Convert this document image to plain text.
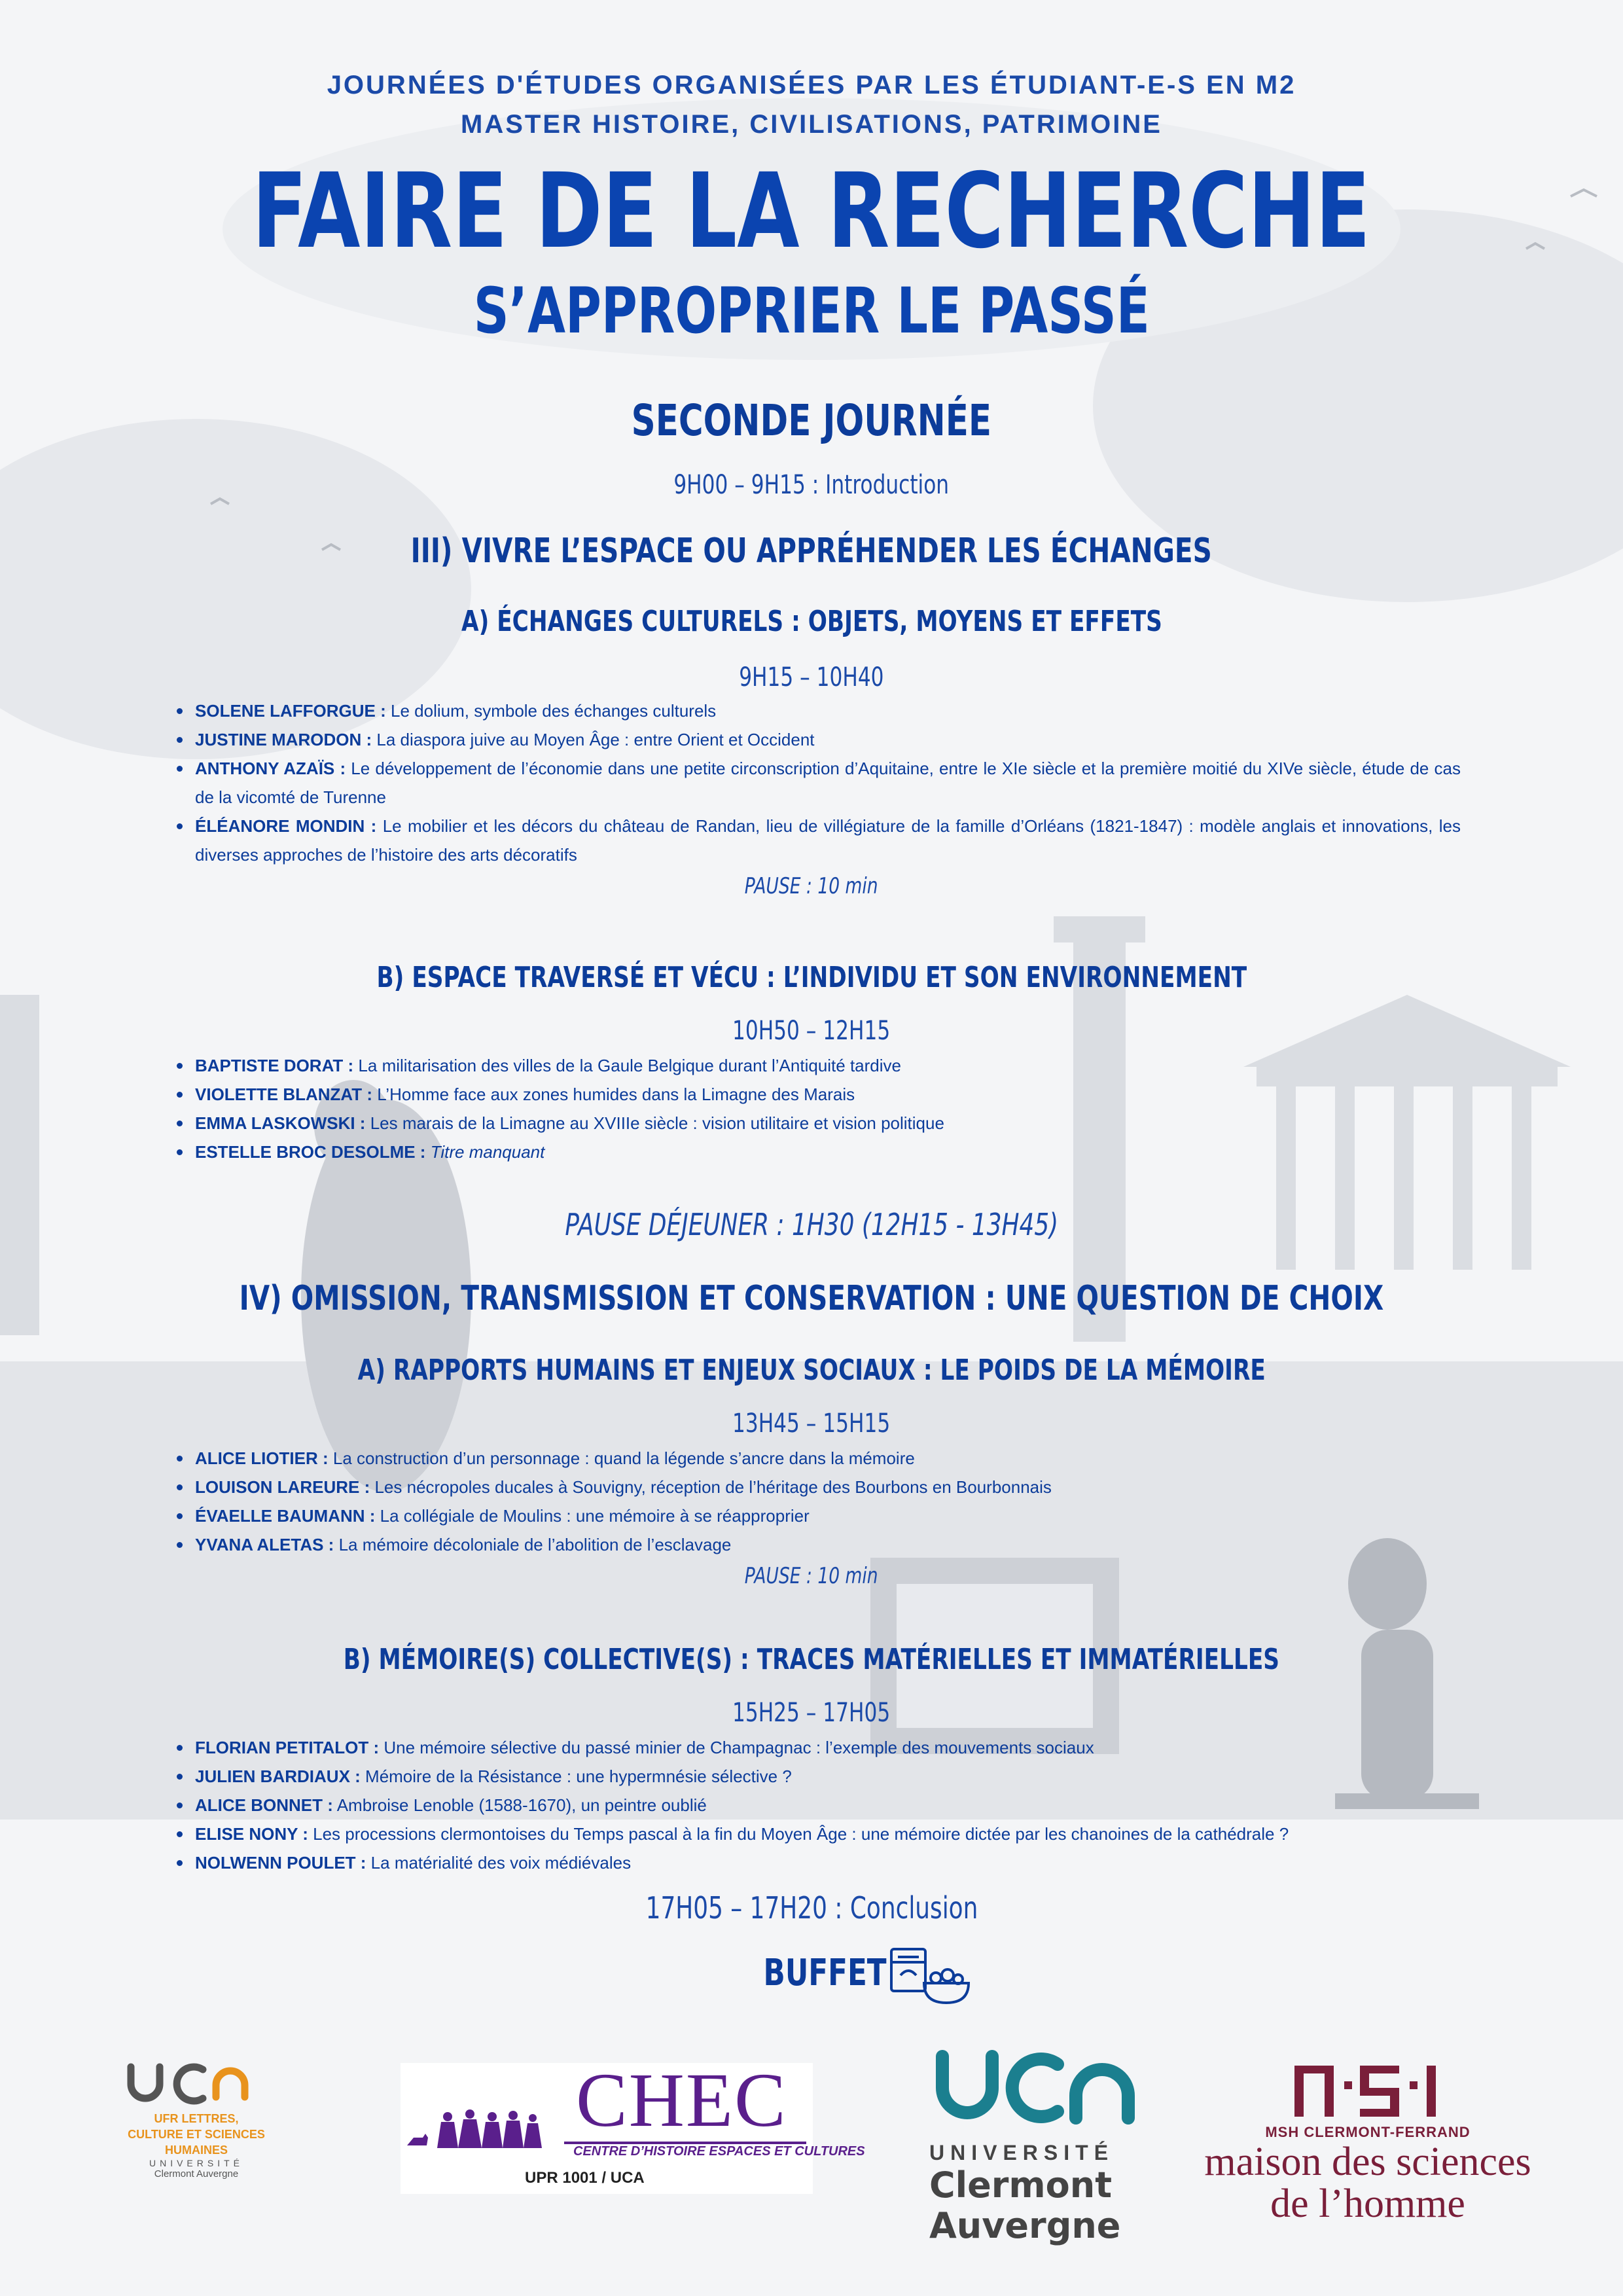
JOURNÉES D'ÉTUDES ORGANISÉES PAR LES ÉTUDIANT-E-S EN M2
MASTER HISTOIRE, CIVILISATIONS, PATRIMOINE
FAIRE DE LA RECHERCHE
S’APPROPRIER LE PASSÉ
SECONDE JOURNÉE
9H00 – 9H15 : Introduction
III) VIVRE L’ESPACE OU APPRÉHENDER LES ÉCHANGES
A) ÉCHANGES CULTURELS : OBJETS, MOYENS ET EFFETS
9H15 – 10H40
SOLENE LAFFORGUE : Le dolium, symbole des échanges culturels
JUSTINE MARODON : La diaspora juive au Moyen Âge : entre Orient et Occident
ANTHONY AZAÏS : Le développement de l’économie dans une petite circonscription d’Aquitaine, entre le XIe siècle et la première moitié du XIVe siècle, étude de cas de la vicomté de Turenne
ÉLÉANORE MONDIN : Le mobilier et les décors du château de Randan, lieu de villégiature de la famille d’Orléans (1821-1847) : modèle anglais et innovations, les diverses approches de l’histoire des arts décoratifs
PAUSE : 10 min
B) ESPACE TRAVERSÉ ET VÉCU : L’INDIVIDU ET SON ENVIRONNEMENT
10H50 – 12H15
BAPTISTE DORAT : La militarisation des villes de la Gaule Belgique durant l’Antiquité tardive
VIOLETTE BLANZAT : L’Homme face aux zones humides dans la Limagne des Marais
EMMA LASKOWSKI : Les marais de la Limagne au XVIIIe siècle : vision utilitaire et vision politique
ESTELLE BROC DESOLME : Titre manquant
PAUSE DÉJEUNER : 1H30 (12H15 - 13H45)
IV) OMISSION, TRANSMISSION ET CONSERVATION : UNE QUESTION DE CHOIX
A) RAPPORTS HUMAINS ET ENJEUX SOCIAUX : LE POIDS DE LA MÉMOIRE
13H45 – 15H15
ALICE LIOTIER : La construction d’un personnage : quand la légende s’ancre dans la mémoire
LOUISON LAREURE : Les nécropoles ducales à Souvigny, réception de l’héritage des Bourbons en Bourbonnais
ÉVAELLE BAUMANN : La collégiale de Moulins : une mémoire à se réapproprier
YVANA ALETAS : La mémoire décoloniale de l’abolition de l’esclavage
PAUSE : 10 min
B) MÉMOIRE(S) COLLECTIVE(S) : TRACES MATÉRIELLES ET IMMATÉRIELLES
15H25 – 17H05
FLORIAN PETITALOT : Une mémoire sélective du passé minier de Champagnac : l’exemple des mouvements sociaux
JULIEN BARDIAUX : Mémoire de la Résistance : une hypermnésie sélective ?
ALICE BONNET : Ambroise Lenoble (1588-1670), un peintre oublié
ELISE NONY : Les processions clermontoises du Temps pascal à la fin du Moyen Âge : une mémoire dictée par les chanoines de la cathédrale ?
NOLWENN POULET : La matérialité des voix médiévales
17H05 – 17H20 : Conclusion
BUFFET
UFR LETTRES,
CULTURE ET SCIENCES
HUMAINES
UNIVERSITÉ
Clermont Auvergne
CHEC
CENTRE D’HISTOIRE ESPACES ET CULTURES
UPR 1001 / UCA
UNIVERSITÉ
Clermont
Auvergne
MSH CLERMONT-FERRAND
maison des sciences
de l’homme
